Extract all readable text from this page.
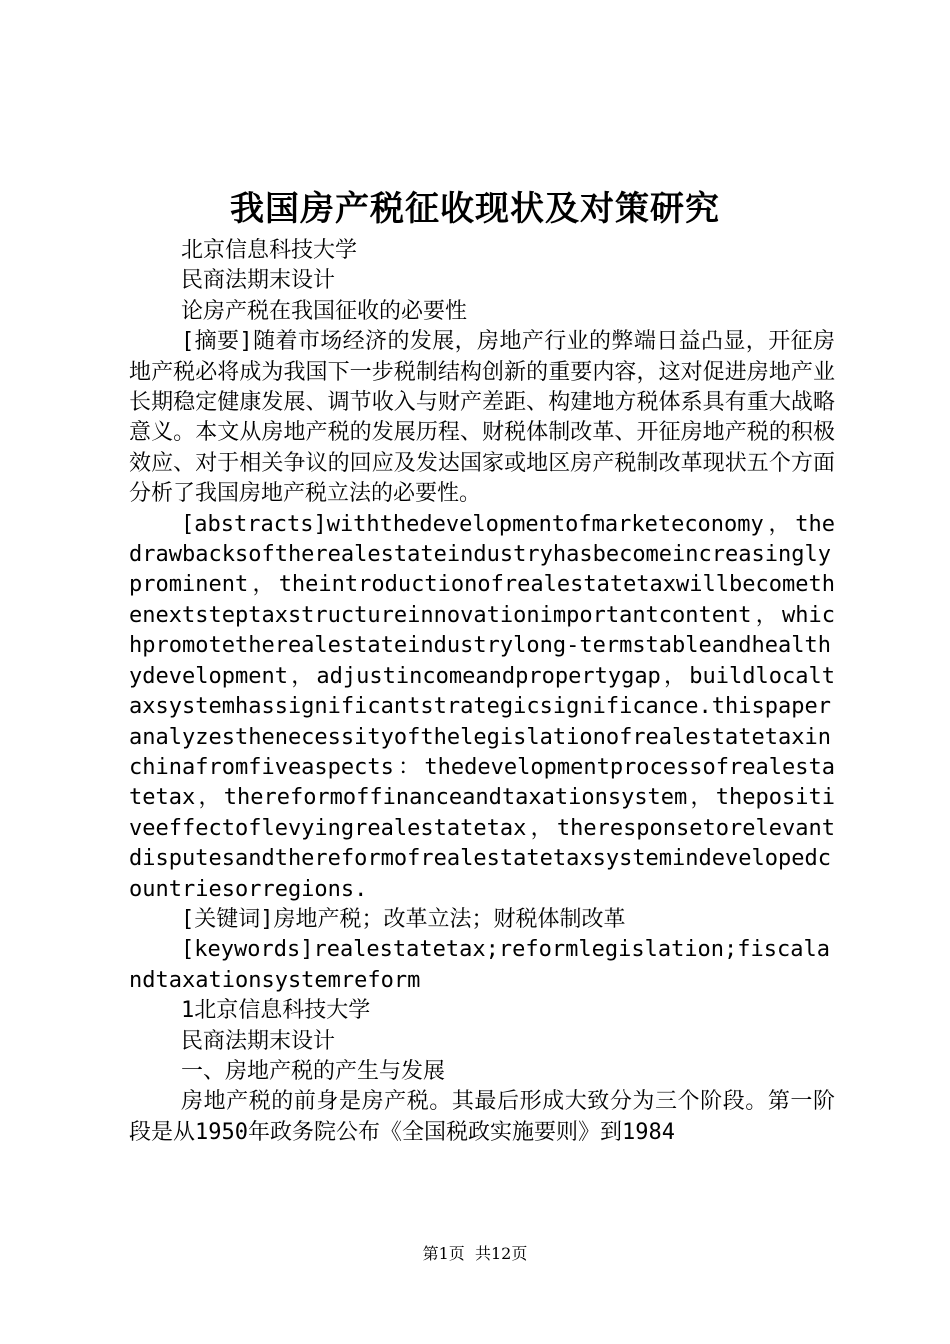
我国房产税征收现状及对策研究

北京信息科技大学

民商法期末设计

论房产税在我国征收的必要性

[摘要]随着市场经济的发展，房地产行业的弊端日益凸显，开征房地产税必将成为我国下一步税制结构创新的重要内容，这对促进房地产业长期稳定健康发展、调节收入与财产差距、构建地方税体系具有重大战略意义。本文从房地产税的发展历程、财税体制改革、开征房地产税的积极效应、对于相关争议的回应及发达国家或地区房产税制改革现状五个方面分析了我国房地产税立法的必要性。

[abstracts]withthedevelopmentofmarketeconomy，thedrawbacksoftherealestateindustryhasbecomeincreasinglyprominent，theintroductionofrealestatetaxwillbecomethenextsteptaxstructureinnovationimportantcontent，whichpromotetherealestateindustrylong-termstableandhealthydevelopment，adjustincomeandpropertygap，buildlocaltaxsystemhassignificantstrategicsignificance.thispaperanalyzesthenecessityofthelegislationofrealestatetaxinchinafromfiveaspects：thedevelopmentprocessofrealestatetax，thereformoffinanceandtaxationsystem，thepositiveeffectoflevyingrealestatetax，theresponsetorelevantdisputesandthereformofrealestatetaxsystemindevelopedcountriesorregions.

[关键词]房地产税；改革立法；财税体制改革

[keywords]realestatetax;reformlegislation;fiscalandtaxationsystemreform

1北京信息科技大学

民商法期末设计

一、房地产税的产生与发展

房地产税的前身是房产税。其最后形成大致分为三个阶段。第一阶段是从1950年政务院公布《全国税政实施要则》到1984

第1页 共12页
